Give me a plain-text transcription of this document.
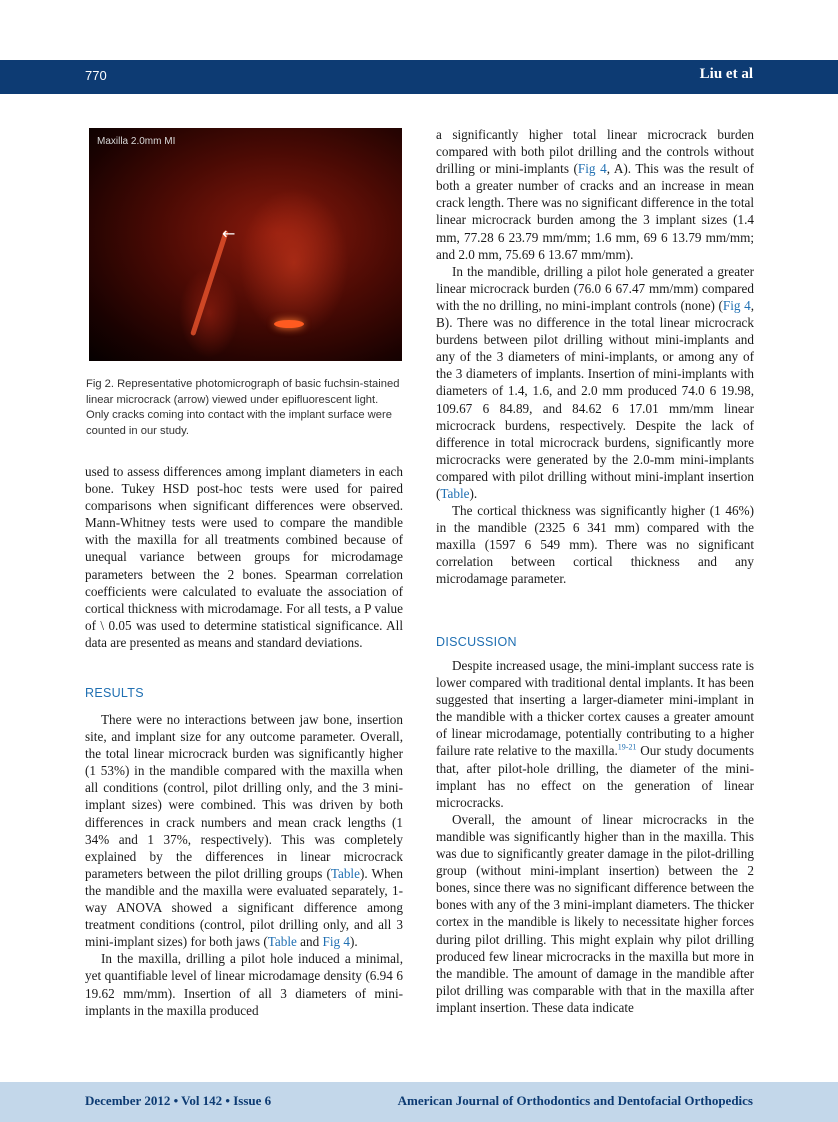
770	Liu et al
Maxilla 2.0mm MI
←
Fig 2. Representative photomicrograph of basic fuchsin-stained linear microcrack (arrow) viewed under epifluorescent light. Only cracks coming into contact with the implant surface were counted in our study.

used to assess differences among implant diameters in each bone. Tukey HSD post-hoc tests were used for paired comparisons when significant differences were observed. Mann-Whitney tests were used to compare the mandible with the maxilla for all treatments combined because of unequal variance between groups for microdamage parameters between the 2 bones. Spearman correlation coefficients were calculated to evaluate the association of cortical thickness with microdamage. For all tests, a P value of \ 0.05 was used to determine statistical significance. All data are presented as means and standard deviations.

RESULTS

There were no interactions between jaw bone, insertion site, and implant size for any outcome parameter. Overall, the total linear microcrack burden was significantly higher (1 53%) in the mandible compared with the maxilla when all conditions (control, pilot drilling only, and the 3 mini-implant sizes) were combined. This was driven by both differences in crack numbers and mean crack lengths (1 34% and 1 37%, respectively). This was completely explained by the differences in linear microcrack parameters between the pilot drilling groups (Table). When the mandible and the maxilla were evaluated separately, 1-way ANOVA showed a significant difference among treatment conditions (control, pilot drilling only, and all 3 mini-implant sizes) for both jaws (Table and Fig 4).

In the maxilla, drilling a pilot hole induced a minimal, yet quantifiable level of linear microdamage density (6.94 6 19.62 mm/mm). Insertion of all 3 diameters of mini-implants in the maxilla produced

a significantly higher total linear microcrack burden compared with both pilot drilling and the controls without drilling or mini-implants (Fig 4, A). This was the result of both a greater number of cracks and an increase in mean crack length. There was no significant difference in the total linear microcrack burden among the 3 implant sizes (1.4 mm, 77.28 6 23.79 mm/mm; 1.6 mm, 69 6 13.79 mm/mm; and 2.0 mm, 75.69 6 13.67 mm/mm).

In the mandible, drilling a pilot hole generated a greater linear microcrack burden (76.0 6 67.47 mm/mm) compared with the no drilling, no mini-implant controls (none) (Fig 4, B). There was no difference in the total linear microcrack burdens between pilot drilling without mini-implants and any of the 3 diameters of mini-implants, or among any of the 3 diameters of implants. Insertion of mini-implants with diameters of 1.4, 1.6, and 2.0 mm produced 74.0 6 19.98, 109.67 6 84.89, and 84.62 6 17.01 mm/mm linear microcrack burdens, respectively. Despite the lack of difference in total microcrack burdens, significantly more microcracks were generated by the 2.0-mm mini-implants compared with pilot drilling without mini-implant insertion (Table).

The cortical thickness was significantly higher (1 46%) in the mandible (2325 6 341 mm) compared with the maxilla (1597 6 549 mm). There was no significant correlation between cortical thickness and any microdamage parameter.

DISCUSSION

Despite increased usage, the mini-implant success rate is lower compared with traditional dental implants. It has been suggested that inserting a larger-diameter mini-implant in the mandible with a thicker cortex causes a greater amount of linear microdamage, potentially contributing to a higher failure rate relative to the maxilla.$^{19-21}$ Our study documents that, after pilot-hole drilling, the diameter of the mini-implant has no effect on the generation of linear microcracks.

Overall, the amount of linear microcracks in the mandible was significantly higher than in the maxilla. This was due to significantly greater damage in the pilot-drilling group (without mini-implant insertion) between the 2 bones, since there was no significant difference between the bones with any of the 3 mini-implant diameters. The thicker cortex in the mandible is likely to necessitate higher forces during pilot drilling. This might explain why pilot drilling produced few linear microcracks in the maxilla but more in the mandible. The amount of damage in the mandible after pilot drilling was comparable with that in the maxilla after implant insertion. These data indicate

December 2012 • Vol 142 • Issue 6	American Journal of Orthodontics and Dentofacial Orthopedics
